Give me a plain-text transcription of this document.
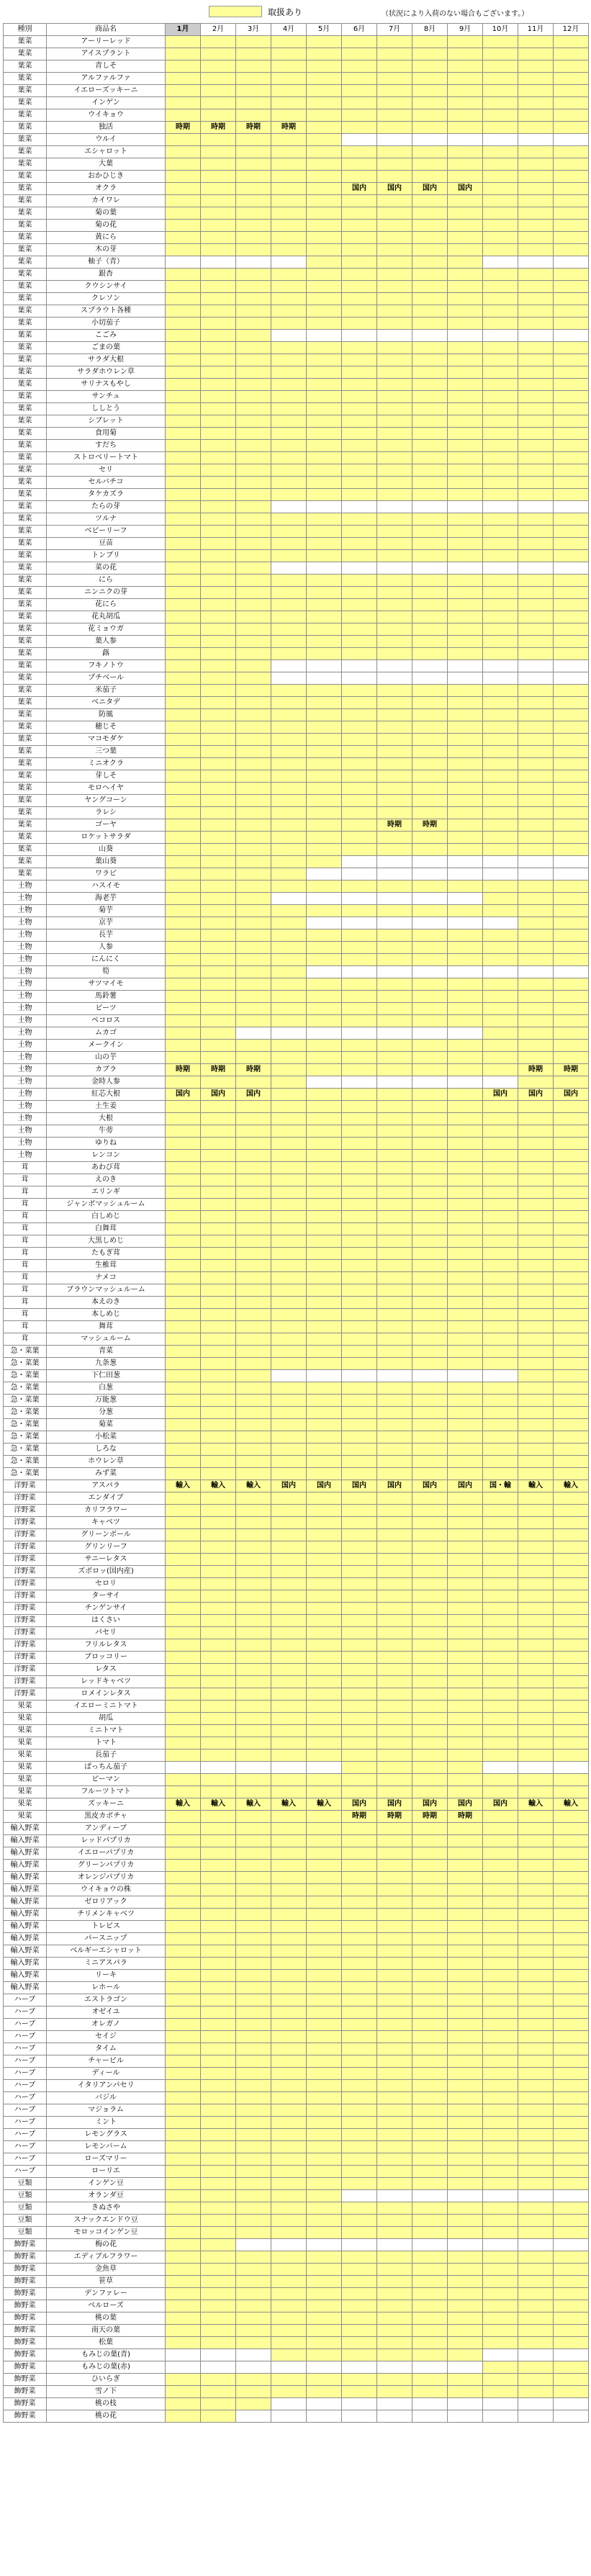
取扱あり	（状況により入荷のない場合もございます。）
種別	商品名	1月	2月	3月	4月	5月	6月	7月	8月	9月	10月	11月	12月
葉菜	アーリーレッド												
葉菜	アイスプラント												
葉菜	青しそ												
葉菜	アルファルファ												
葉菜	イエローズッキーニ												
葉菜	インゲン												
葉菜	ウイキョウ												
葉菜	独活	時期	時期	時期	時期								
葉菜	ウルイ												
葉菜	エシャロット												
葉菜	大葉												
葉菜	おかひじき												
葉菜	オクラ						国内	国内	国内	国内			
葉菜	カイワレ												
葉菜	菊の葉												
葉菜	菊の花												
葉菜	黄にら												
葉菜	木の芽												
葉菜	柚子（青）												
葉菜	銀杏												
葉菜	クウシンサイ												
葉菜	クレソン												
葉菜	スプラウト各種												
葉菜	小切茄子												
葉菜	こごみ												
葉菜	ごまの葉												
葉菜	サラダ大根												
葉菜	サラダホウレン草												
葉菜	サリナスもやし												
葉菜	サンチュ												
葉菜	ししとう												
葉菜	シブレット												
葉菜	食用菊												
葉菜	すだち												
葉菜	ストロベリートマト												
葉菜	セリ												
葉菜	セルバチコ												
葉菜	タケカズラ												
葉菜	たらの芽												
葉菜	ツルナ												
葉菜	ベビーリーフ												
葉菜	豆苗												
葉菜	トンブリ												
葉菜	菜の花												
葉菜	にら												
葉菜	ニンニクの芽												
葉菜	花にら												
葉菜	花丸胡瓜												
葉菜	花ミョウガ												
葉菜	葉人参												
葉菜	蕗												
葉菜	フキノトウ												
葉菜	プチベール												
葉菜	米茄子												
葉菜	ベニタデ												
葉菜	防風												
葉菜	穂じそ												
葉菜	マコモダケ												
葉菜	三つ葉												
葉菜	ミニオクラ												
葉菜	芽しそ												
葉菜	モロヘイヤ												
葉菜	ヤングコーン												
葉菜	ラレシ												
葉菜	ゴーヤ							時期	時期				
葉菜	ロケットサラダ												
葉菜	山葵												
葉菜	葉山葵												
葉菜	ワラビ												
土物	ハスイモ												
土物	海老芋												
土物	菊芋												
土物	京芋												
土物	長芋												
土物	人参												
土物	にんにく												
土物	筍												
土物	サツマイモ												
土物	馬鈴薯												
土物	ビーツ												
土物	ペコロス												
土物	ムカゴ												
土物	メークイン												
土物	山の芋												
土物	カブラ	時期	時期	時期								時期	時期
土物	金時人参												
土物	紅芯大根	国内	国内	国内							国内	国内	国内
土物	土生姜												
土物	大根												
土物	牛蒡												
土物	ゆりね												
土物	レンコン												
茸	あわび茸												
茸	えのき												
茸	エリンギ												
茸	ジャンボマッシュルーム												
茸	白しめじ												
茸	白舞茸												
茸	大黒しめじ												
茸	たもぎ茸												
茸	生椎茸												
茸	ナメコ												
茸	ブラウンマッシュルーム												
茸	本えのき												
茸	本しめじ												
茸	舞茸												
茸	マッシュルーム												
急・菜葉	青菜												
急・菜葉	九条葱												
急・菜葉	下仁田葱												
急・菜葉	白葱												
急・菜葉	万能葱												
急・菜葉	分葱												
急・菜葉	菊菜												
急・菜葉	小松菜												
急・菜葉	しろな												
急・菜葉	ホウレン草												
急・菜葉	みず菜												
洋野菜	アスパラ	輸入	輸入	輸入	国内	国内	国内	国内	国内	国内	国・輸	輸入	輸入
洋野菜	エンダイブ												
洋野菜	カリフラワー												
洋野菜	キャベツ												
洋野菜	グリーンボール												
洋野菜	グリンリーフ												
洋野菜	サニーレタス												
洋野菜	ズボロッ(国内産)												
洋野菜	セロリ												
洋野菜	ターサイ												
洋野菜	チンゲンサイ												
洋野菜	はくさい												
洋野菜	パセリ												
洋野菜	フリルレタス												
洋野菜	ブロッコリー												
洋野菜	レタス												
洋野菜	レッドキャベツ												
洋野菜	ロメインレタス												
果菜	イエローミニトマト												
果菜	胡瓜												
果菜	ミニトマト												
果菜	トマト												
果菜	長茄子												
果菜	ぱっちん茄子												
果菜	ピーマン												
果菜	フルーツトマト												
果菜	ズッキーニ	輸入	輸入	輸入	輸入	輸入	国内	国内	国内	国内	国内	輸入	輸入
果菜	黒皮カボチャ						時期	時期	時期	時期			
輸入野菜	アンディーブ												
輸入野菜	レッドパプリカ												
輸入野菜	イエローパプリカ												
輸入野菜	グリーンパプリカ												
輸入野菜	オレンジパプリカ												
輸入野菜	ウイキョウの株												
輸入野菜	ゼロリアック												
輸入野菜	チリメンキャベツ												
輸入野菜	トレビス												
輸入野菜	パースニップ												
輸入野菜	ベルギーエシャロット												
輸入野菜	ミニアスパラ												
輸入野菜	リーキ												
輸入野菜	レホール												
ハーブ	エストラゴン												
ハーブ	オゼイユ												
ハーブ	オレガノ												
ハーブ	セイジ												
ハーブ	タイム												
ハーブ	チャービル												
ハーブ	ディール												
ハーブ	イタリアンパセリ												
ハーブ	バジル												
ハーブ	マジョラム												
ハーブ	ミント												
ハーブ	レモングラス												
ハーブ	レモンバーム												
ハーブ	ローズマリー												
ハーブ	ローリエ												
豆類	インゲン豆												
豆類	オランダ豆												
豆類	きぬさや												
豆類	スナックエンドウ豆												
豆類	モロッコインゲン豆												
飾野菜	梅の花												
飾野菜	エディブルフラワー												
飾野菜	金魚草												
飾野菜	笹草												
飾野菜	デンファレー												
飾野菜	ベルローズ												
飾野菜	桃の葉												
飾野菜	南天の葉												
飾野菜	松葉												
飾野菜	もみじの葉(青)												
飾野菜	もみじの葉(赤)												
飾野菜	ひいらぎ												
飾野菜	雪ノ下												
飾野菜	桃の枝												
飾野菜	桃の花												
